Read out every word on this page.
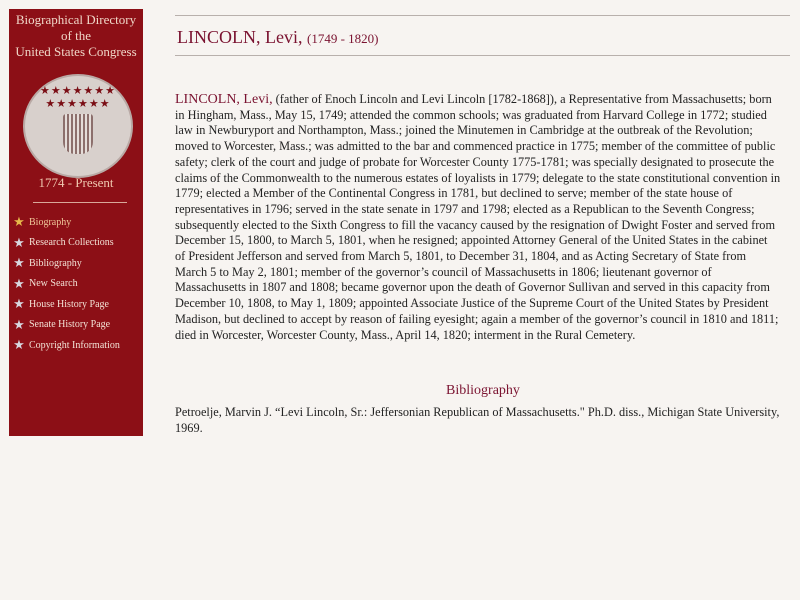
Biographical Directory
of the
United States Congress
★★★★★★★
★★★★★★
1774 - Present
★ Biography
★ Research Collections
★ Bibliography
★ New Search
★ House History Page
★ Senate History Page
★ Copyright Information
LINCOLN, Levi, (1749 - 1820)
LINCOLN, Levi, (father of Enoch Lincoln and Levi Lincoln [1782-1868]), a Representative from Massachusetts; born
in Hingham, Mass., May 15, 1749; attended the common schools; was graduated from Harvard College in 1772; studied
law in Newburyport and Northampton, Mass.; joined the Minutemen in Cambridge at the outbreak of the Revolution;
moved to Worcester, Mass.; was admitted to the bar and commenced practice in 1775; member of the committee of public
safety; clerk of the court and judge of probate for Worcester County 1775-1781; was specially designated to prosecute the
claims of the Commonwealth to the numerous estates of loyalists in 1779; delegate to the state constitutional convention in
1779; elected a Member of the Continental Congress in 1781, but declined to serve; member of the state house of
representatives in 1796; served in the state senate in 1797 and 1798; elected as a Republican to the Seventh Congress;
subsequently elected to the Sixth Congress to fill the vacancy caused by the resignation of Dwight Foster and served from
December 15, 1800, to March 5, 1801, when he resigned; appointed Attorney General of the United States in the cabinet
of President Jefferson and served from March 5, 1801, to December 31, 1804, and as Acting Secretary of State from
March 5 to May 2, 1801; member of the governor’s council of Massachusetts in 1806; lieutenant governor of
Massachusetts in 1807 and 1808; became governor upon the death of Governor Sullivan and served in this capacity from
December 10, 1808, to May 1, 1809; appointed Associate Justice of the Supreme Court of the United States by President
Madison, but declined to accept by reason of failing eyesight; again a member of the governor’s council in 1810 and 1811;
died in Worcester, Worcester County, Mass., April 14, 1820; interment in the Rural Cemetery.
Bibliography
Petroelje, Marvin J. “Levi Lincoln, Sr.: Jeffersonian Republican of Massachusetts." Ph.D. diss., Michigan State University,
1969.
